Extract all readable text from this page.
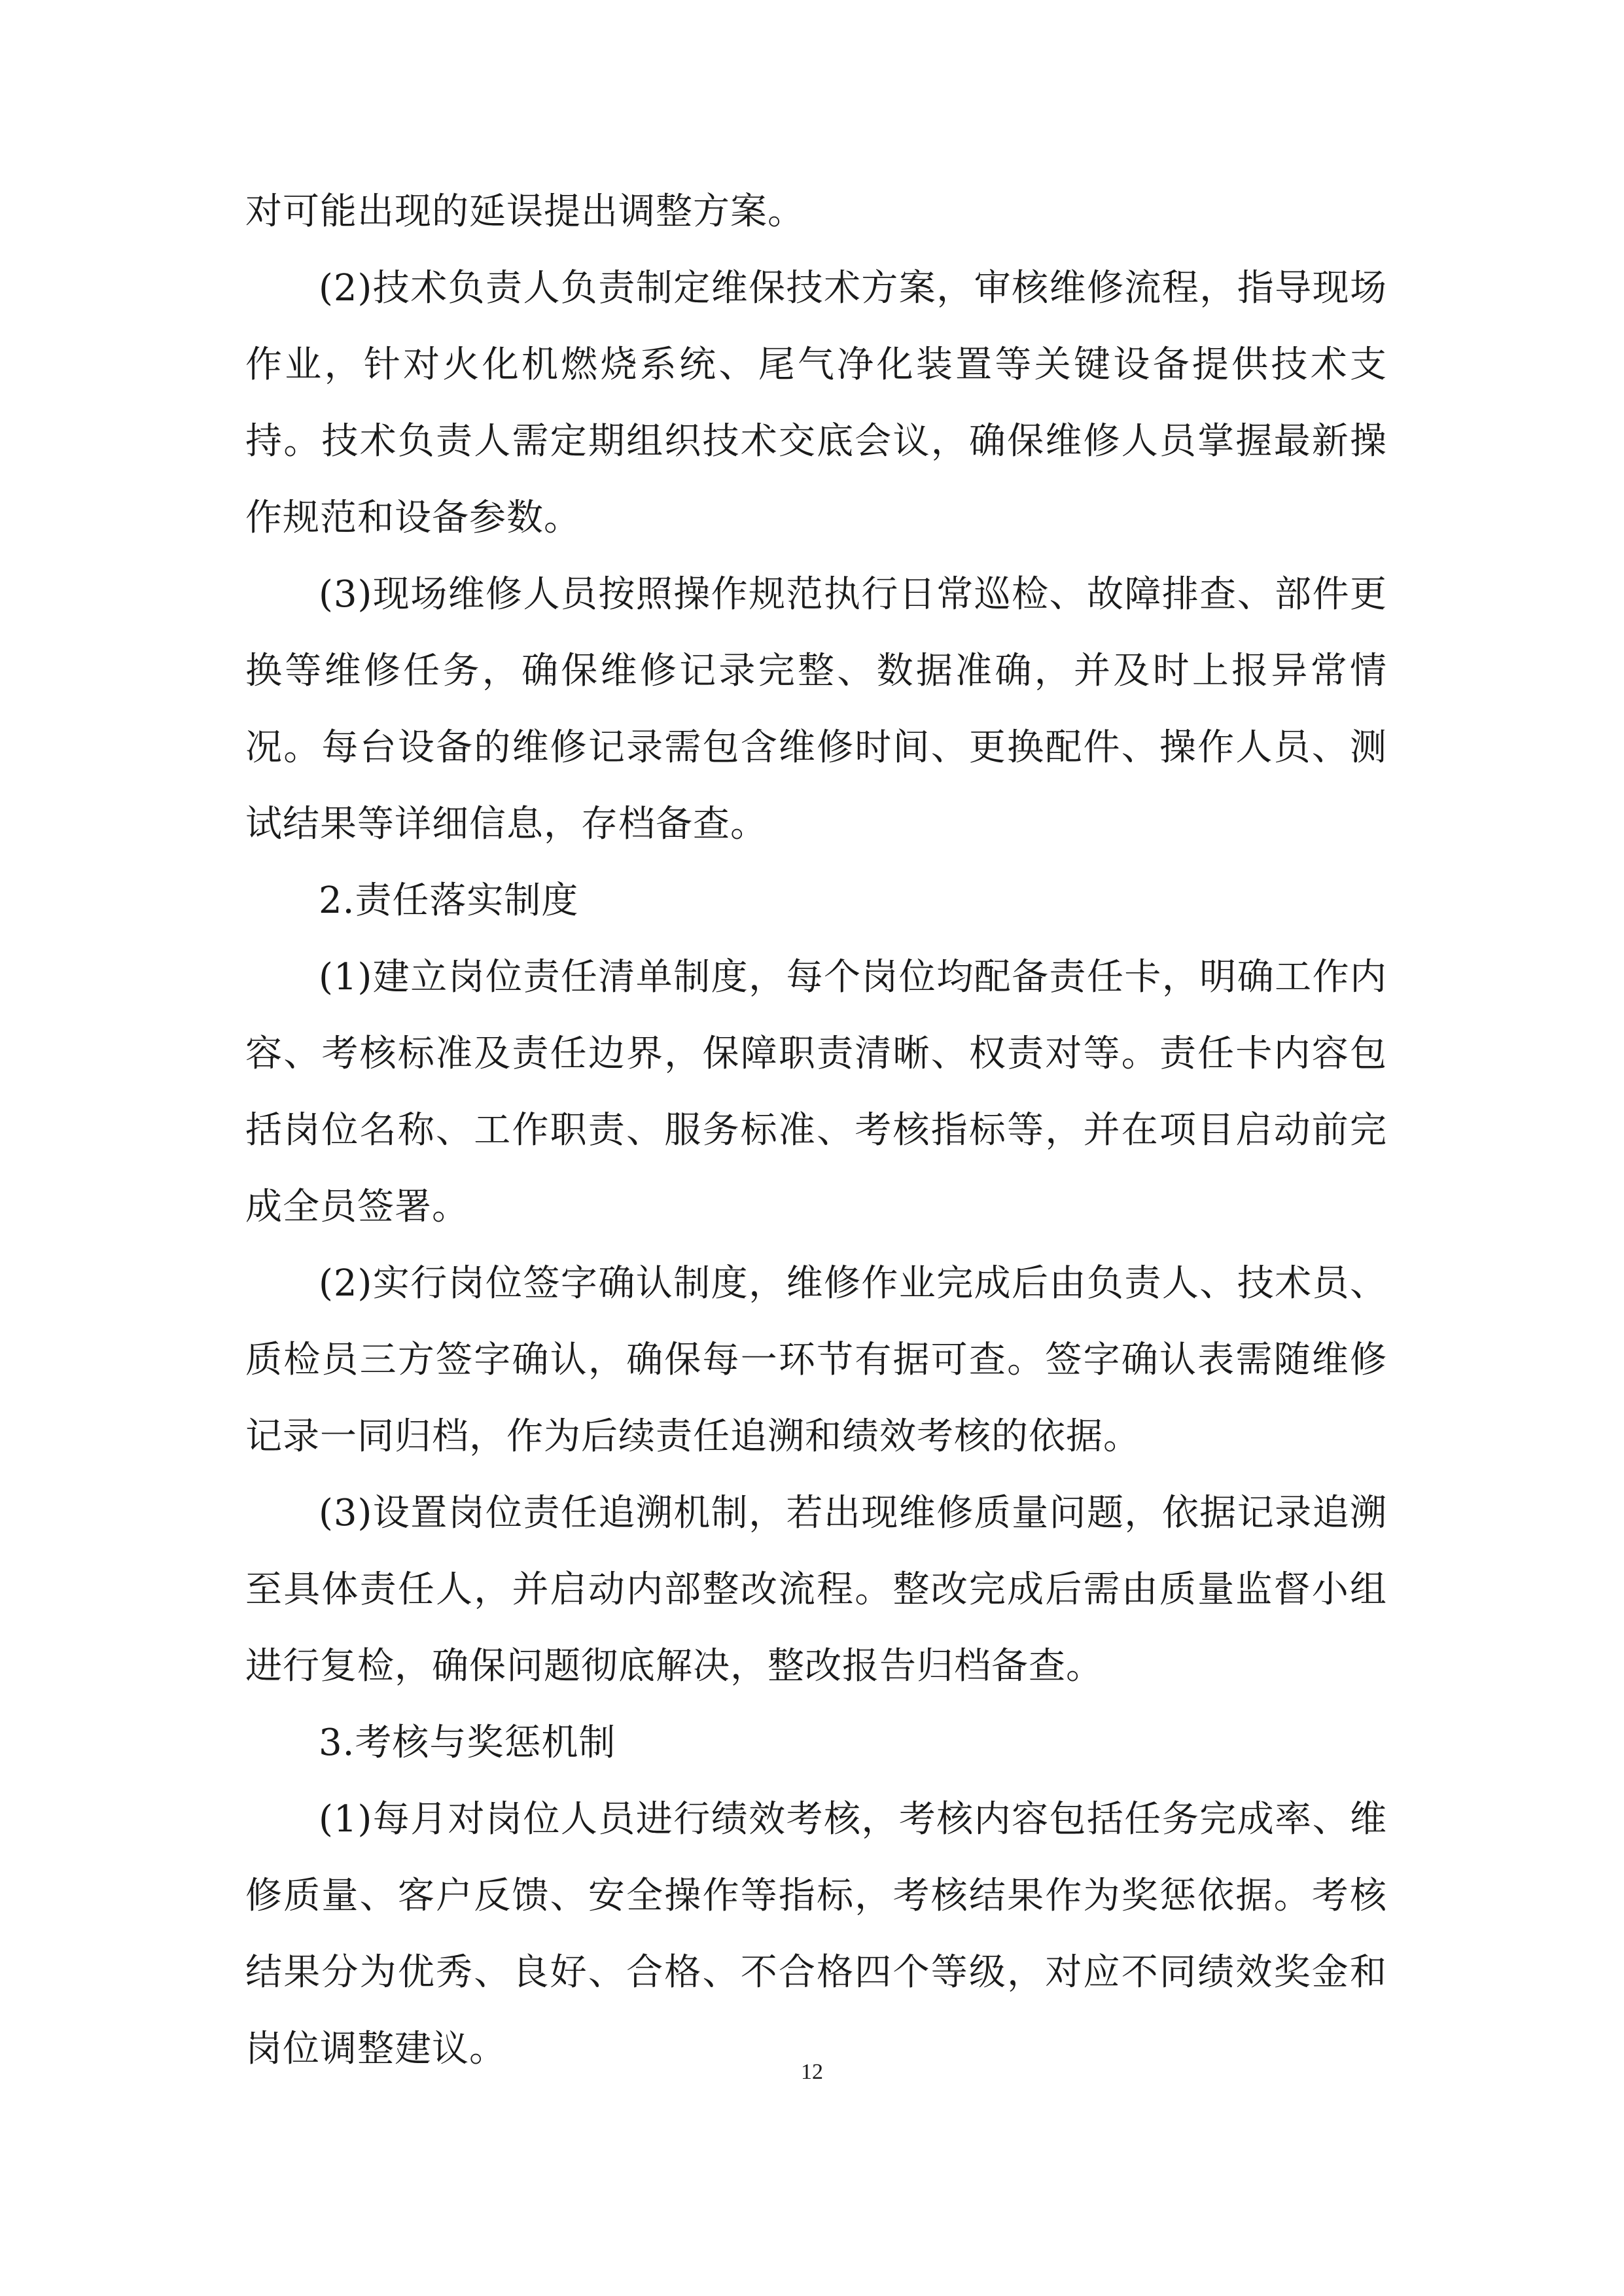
对可能出现的延误提出调整方案。

(2)技术负责人负责制定维保技术方案，审核维修流程，指导现场作业，针对火化机燃烧系统、尾气净化装置等关键设备提供技术支持。技术负责人需定期组织技术交底会议，确保维修人员掌握最新操作规范和设备参数。

(3)现场维修人员按照操作规范执行日常巡检、故障排查、部件更换等维修任务，确保维修记录完整、数据准确，并及时上报异常情况。每台设备的维修记录需包含维修时间、更换配件、操作人员、测试结果等详细信息，存档备查。

2.责任落实制度

(1)建立岗位责任清单制度，每个岗位均配备责任卡，明确工作内容、考核标准及责任边界，保障职责清晰、权责对等。责任卡内容包括岗位名称、工作职责、服务标准、考核指标等，并在项目启动前完成全员签署。

(2)实行岗位签字确认制度，维修作业完成后由负责人、技术员、质检员三方签字确认，确保每一环节有据可查。签字确认表需随维修记录一同归档，作为后续责任追溯和绩效考核的依据。

(3)设置岗位责任追溯机制，若出现维修质量问题，依据记录追溯至具体责任人，并启动内部整改流程。整改完成后需由质量监督小组进行复检，确保问题彻底解决，整改报告归档备查。

3.考核与奖惩机制

(1)每月对岗位人员进行绩效考核，考核内容包括任务完成率、维修质量、客户反馈、安全操作等指标，考核结果作为奖惩依据。考核结果分为优秀、良好、合格、不合格四个等级，对应不同绩效奖金和岗位调整建议。

12
